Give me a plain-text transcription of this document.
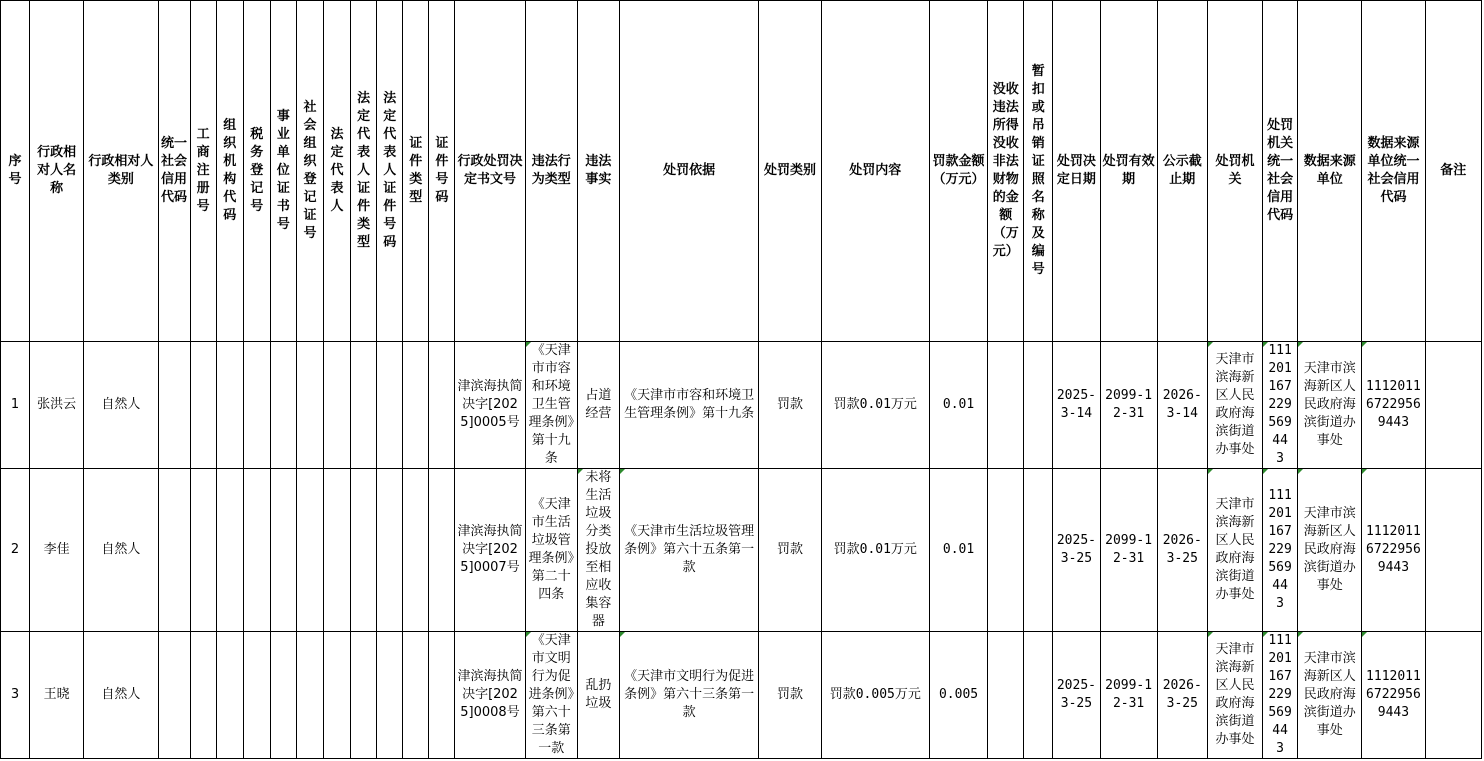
序号	行政相对人名称	行政相对人类别	统一社会信用代码	工商注册号	组织机构代码	税务登记号	事业单位证书号	社会组织登记证号	法定代表人	法定代表人证件类型	法定代表人证件号码	证件类型	证件号码	行政处罚决定书文号	违法行为类型	违法事实	处罚依据	处罚类别	处罚内容	罚款金额（万元）	没收违法所得没收非法财物的金额（万元）	暂扣或吊销证照名称及编号	处罚决定日期	处罚有效期	公示截止期	处罚机关	处罚机关统一社会信用代码	数据来源单位	数据来源单位统一社会信用代码	备注
1	张洪云	自然人												津滨海执简决字[2025]0005号	《天津市市容和环境卫生管理条例》第十九条	占道经营	《天津市市容和环境卫生管理条例》第十九条	罚款	罚款0.01万元	0.01			2025-3-14	2099-12-31	2026-3-14	天津市滨海新区人民政府海滨街道办事处	11120116722956944 3	天津市滨海新区人民政府海滨街道办事处	111201167229569443	
2	李佳	自然人												津滨海执简决字[2025]0007号	《天津市生活垃圾管理条例》第二十四条	未将生活垃圾分类投放至相应收集容器	《天津市生活垃圾管理条例》第六十五条第一款	罚款	罚款0.01万元	0.01			2025-3-25	2099-12-31	2026-3-25	天津市滨海新区人民政府海滨街道办事处	11120116722956944 3	天津市滨海新区人民政府海滨街道办事处	111201167229569443	
3	王晓	自然人												津滨海执简决字[2025]0008号	《天津市文明行为促进条例》第六十三条第一款	乱扔垃圾	《天津市文明行为促进条例》第六十三条第一款	罚款	罚款0.005万元	0.005			2025-3-25	2099-12-31	2026-3-25	天津市滨海新区人民政府海滨街道办事处	11120116722956944 3	天津市滨海新区人民政府海滨街道办事处	111201167229569443	
